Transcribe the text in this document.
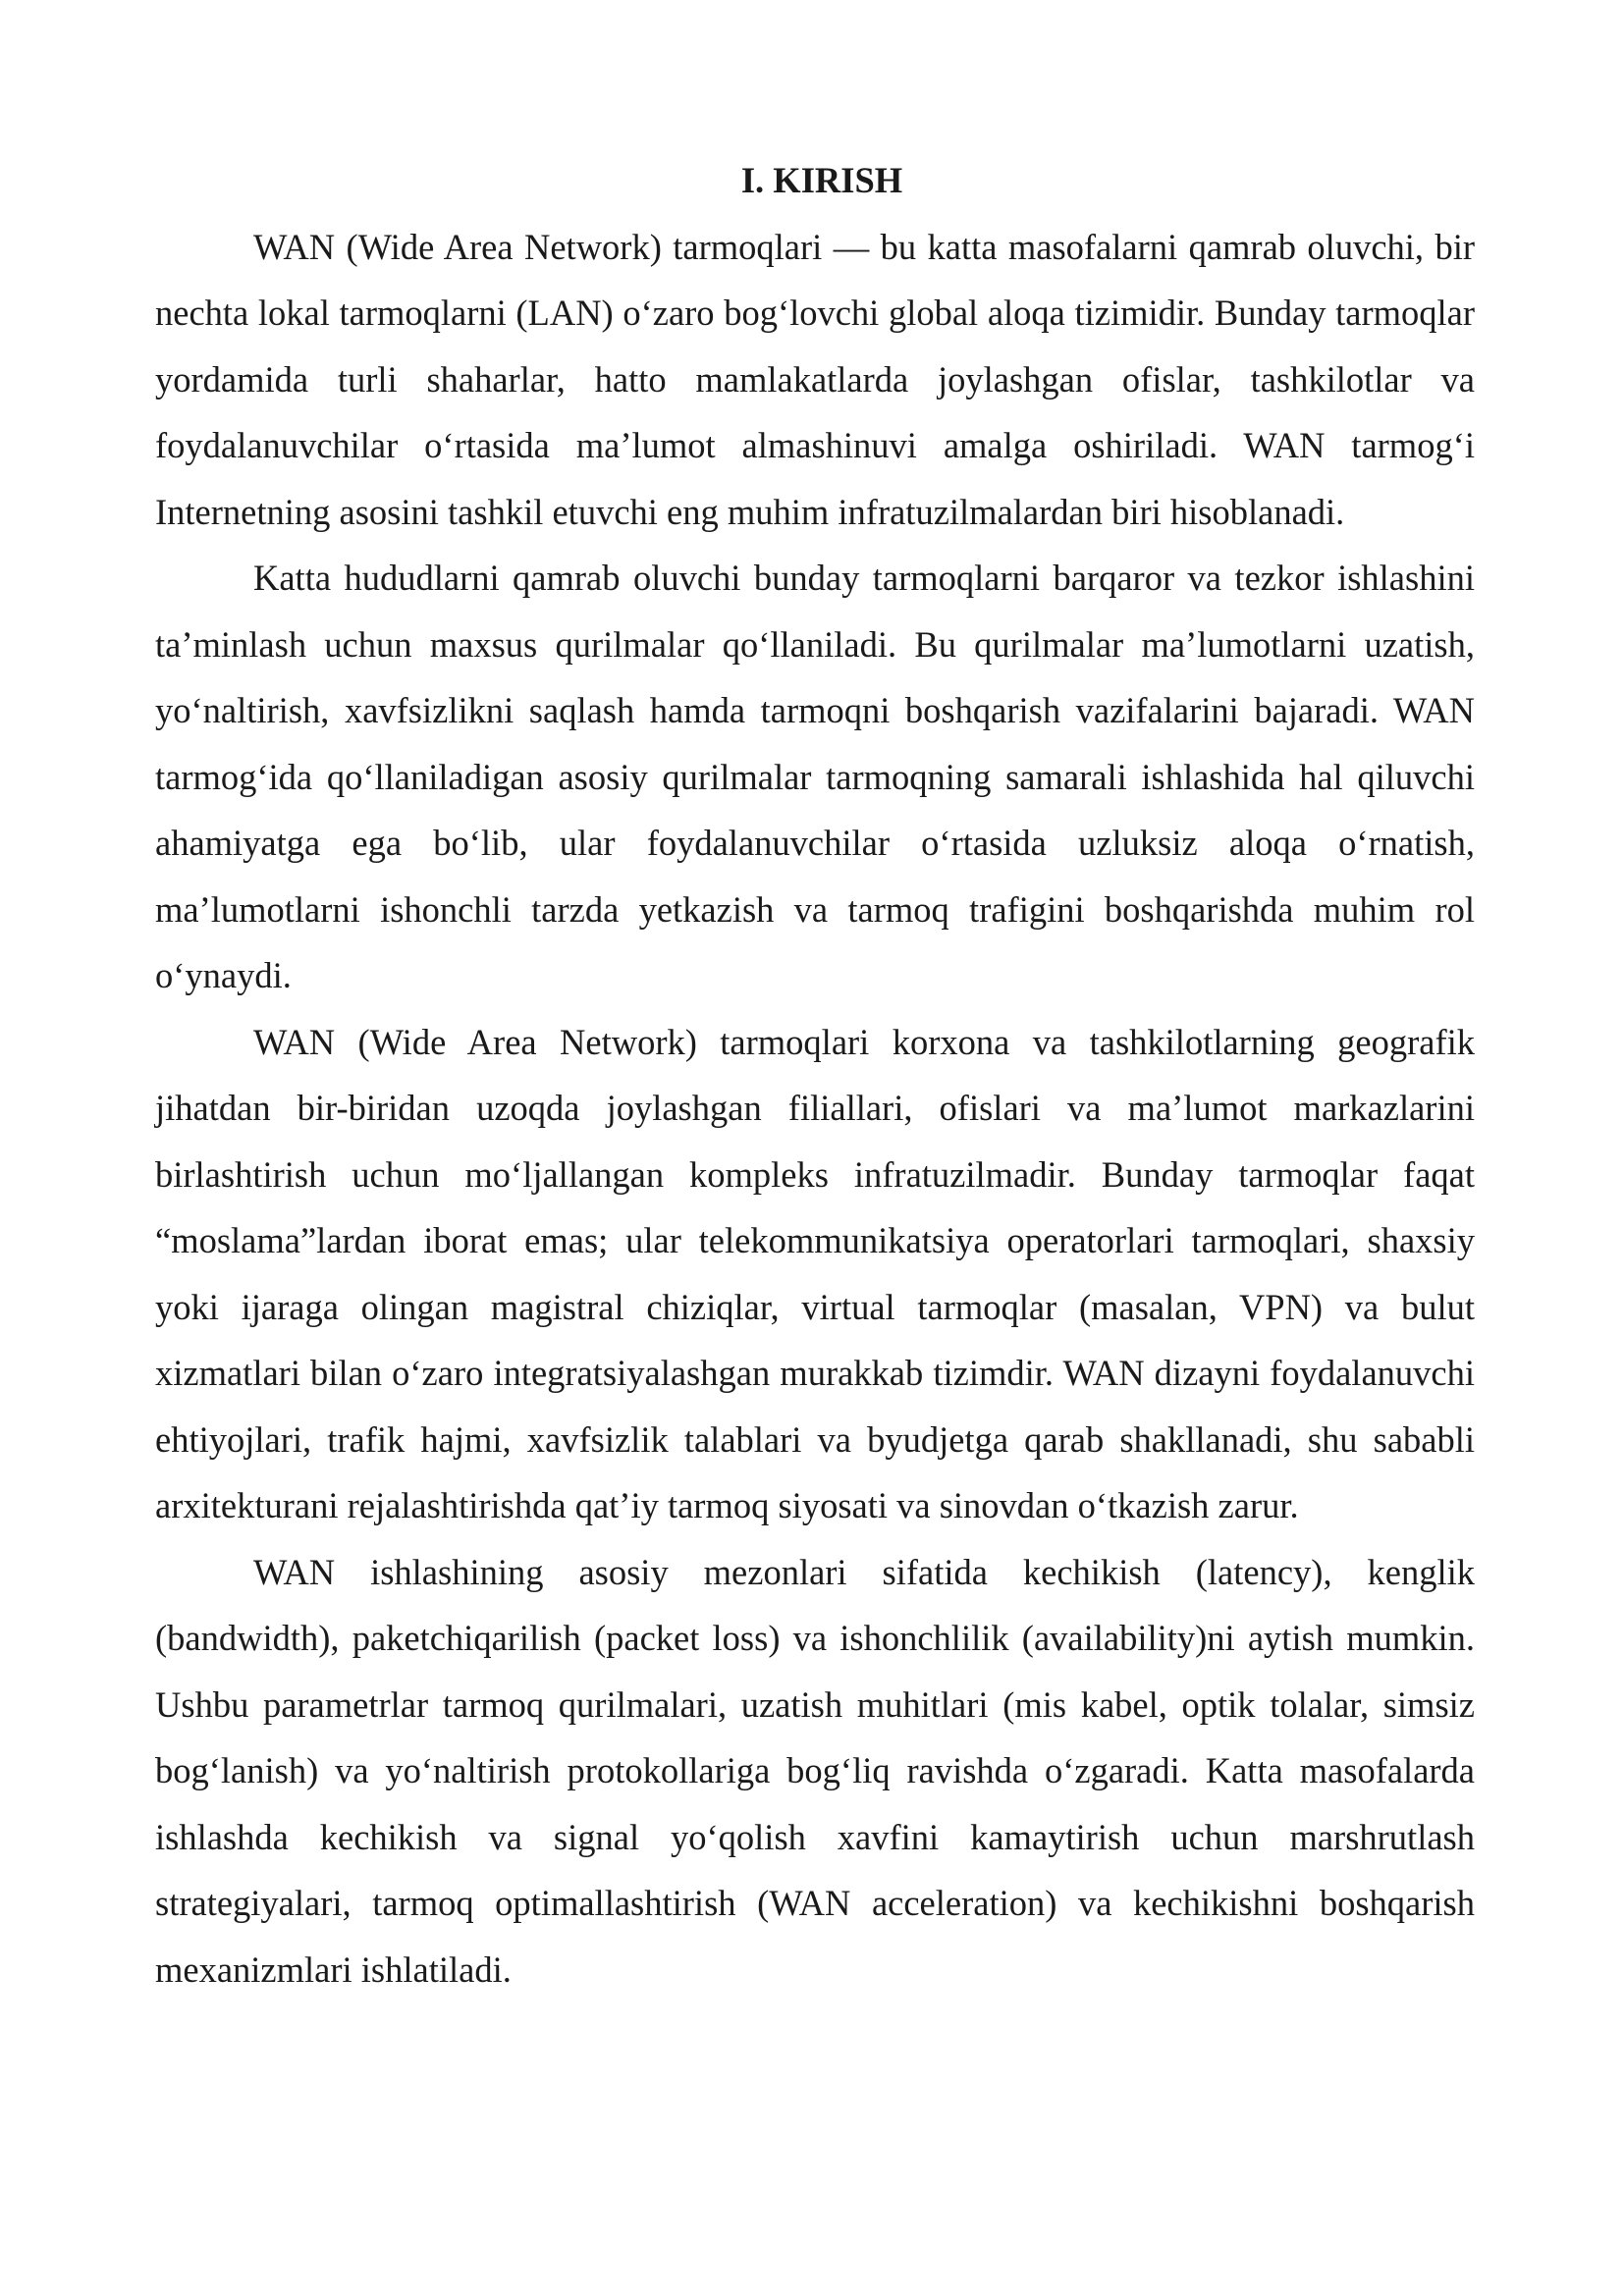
I. KIRISH

WAN (Wide Area Network) tarmoqlari — bu katta masofalarni qamrab oluvchi, bir nechta lokal tarmoqlarni (LAN) o‘zaro bog‘lovchi global aloqa tizimidir. Bunday tarmoqlar yordamida turli shaharlar, hatto mamlakatlarda joylashgan ofislar, tashkilotlar va foydalanuvchilar o‘rtasida ma’lumot almashinuvi amalga oshiriladi. WAN tarmog‘i Internetning asosini tashkil etuvchi eng muhim infratuzilmalardan biri hisoblanadi.

Katta hududlarni qamrab oluvchi bunday tarmoqlarni barqaror va tezkor ishlashini ta’minlash uchun maxsus qurilmalar qo‘llaniladi. Bu qurilmalar ma’lumotlarni uzatish, yo‘naltirish, xavfsizlikni saqlash hamda tarmoqni boshqarish vazifalarini bajaradi. WAN tarmog‘ida qo‘llaniladigan asosiy qurilmalar tarmoqning samarali ishlashida hal qiluvchi ahamiyatga ega bo‘lib, ular foydalanuvchilar o‘rtasida uzluksiz aloqa o‘rnatish, ma’lumotlarni ishonchli tarzda yetkazish va tarmoq trafigini boshqarishda muhim rol o‘ynaydi.

WAN (Wide Area Network) tarmoqlari korxona va tashkilotlarning geografik jihatdan bir-biridan uzoqda joylashgan filiallari, ofislari va ma’lumot markazlarini birlashtirish uchun mo‘ljallangan kompleks infratuzilmadir. Bunday tarmoqlar faqat “moslama”lardan iborat emas; ular telekommunikatsiya operatorlari tarmoqlari, shaxsiy yoki ijaraga olingan magistral chiziqlar, virtual tarmoqlar (masalan, VPN) va bulut xizmatlari bilan o‘zaro integratsiyalashgan murakkab tizimdir. WAN dizayni foydalanuvchi ehtiyojlari, trafik hajmi, xavfsizlik talablari va byudjetga qarab shakllanadi, shu sababli arxitekturani rejalashtirishda qat’iy tarmoq siyosati va sinovdan o‘tkazish zarur.

WAN ishlashining asosiy mezonlari sifatida kechikish (latency), kenglik (bandwidth), paketchiqarilish (packet loss) va ishonchlilik (availability)ni aytish mumkin. Ushbu parametrlar tarmoq qurilmalari, uzatish muhitlari (mis kabel, optik tolalar, simsiz bog‘lanish) va yo‘naltirish protokollariga bog‘liq ravishda o‘zgaradi. Katta masofalarda ishlashda kechikish va signal yo‘qolish xavfini kamaytirish uchun marshrutlash strategiyalari, tarmoq optimallashtirish (WAN acceleration) va kechikishni boshqarish mexanizmlari ishlatiladi.
